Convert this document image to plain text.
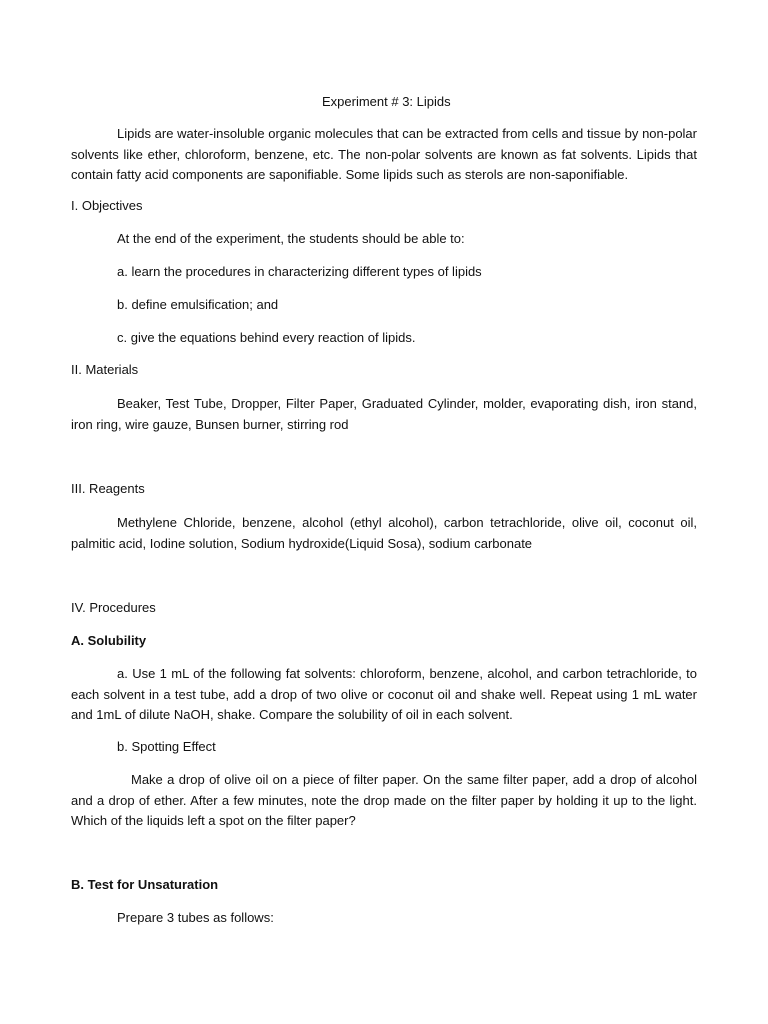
Experiment # 3: Lipids
Lipids are water-insoluble organic molecules that can be extracted from cells and tissue by non-polar solvents like ether, chloroform, benzene, etc. The non-polar solvents are known as fat solvents. Lipids that contain fatty acid components are saponifiable. Some lipids such as sterols are non-saponifiable.
I. Objectives
At the end of the experiment, the students should be able to:
a. learn the procedures in characterizing different types of lipids
b. define emulsification; and
c. give the equations behind every reaction of lipids.
II. Materials
Beaker, Test Tube, Dropper, Filter Paper, Graduated Cylinder, molder, evaporating dish, iron stand, iron ring, wire gauze, Bunsen burner, stirring rod
III. Reagents
Methylene Chloride, benzene, alcohol (ethyl alcohol), carbon tetrachloride, olive oil, coconut oil, palmitic acid, Iodine solution, Sodium hydroxide(Liquid Sosa), sodium carbonate
IV. Procedures
A. Solubility
a. Use 1 mL of the following fat solvents: chloroform, benzene, alcohol, and carbon tetrachloride, to each solvent in a test tube, add a drop of two olive or coconut oil and shake well. Repeat using 1 mL water and 1mL of dilute NaOH, shake. Compare the solubility of oil in each solvent.
b. Spotting Effect
Make a drop of olive oil on a piece of filter paper. On the same filter paper, add a drop of alcohol and a drop of ether. After a few minutes, note the drop made on the filter paper by holding it up to the light. Which of the liquids left a spot on the filter paper?
B. Test for Unsaturation
Prepare 3 tubes as follows:
